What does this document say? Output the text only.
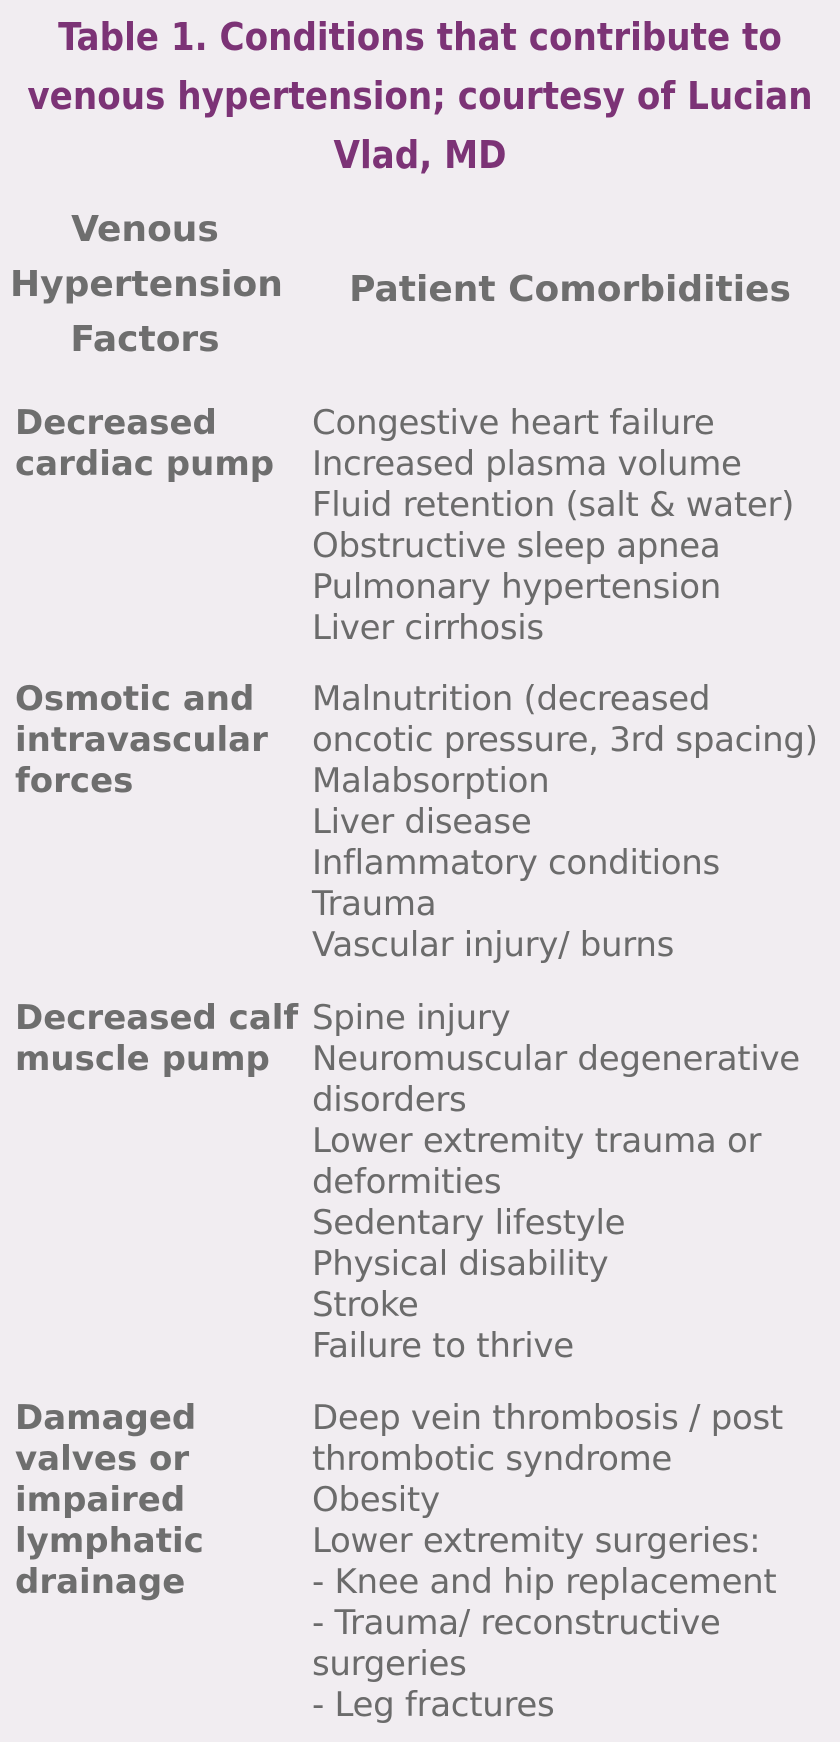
Table 1. Conditions that contribute to
venous hypertension; courtesy of Lucian
Vlad, MD
Venous
Hypertension
Factors
Patient Comorbidities
Decreased
cardiac pump
Congestive heart failure
Increased plasma volume
Fluid retention (salt & water)
Obstructive sleep apnea
Pulmonary hypertension
Liver cirrhosis
Osmotic and
intravascular
forces
Malnutrition (decreased
oncotic pressure, 3rd spacing)
Malabsorption
Liver disease
Inflammatory conditions
Trauma
Vascular injury/ burns
Decreased calf
muscle pump
Spine injury
Neuromuscular degenerative
disorders
Lower extremity trauma or
deformities
Sedentary lifestyle
Physical disability
Stroke
Failure to thrive
Damaged
valves or
impaired
lymphatic
drainage
Deep vein thrombosis / post
thrombotic syndrome
Obesity
Lower extremity surgeries:
- Knee and hip replacement
- Trauma/ reconstructive
surgeries
- Leg fractures
